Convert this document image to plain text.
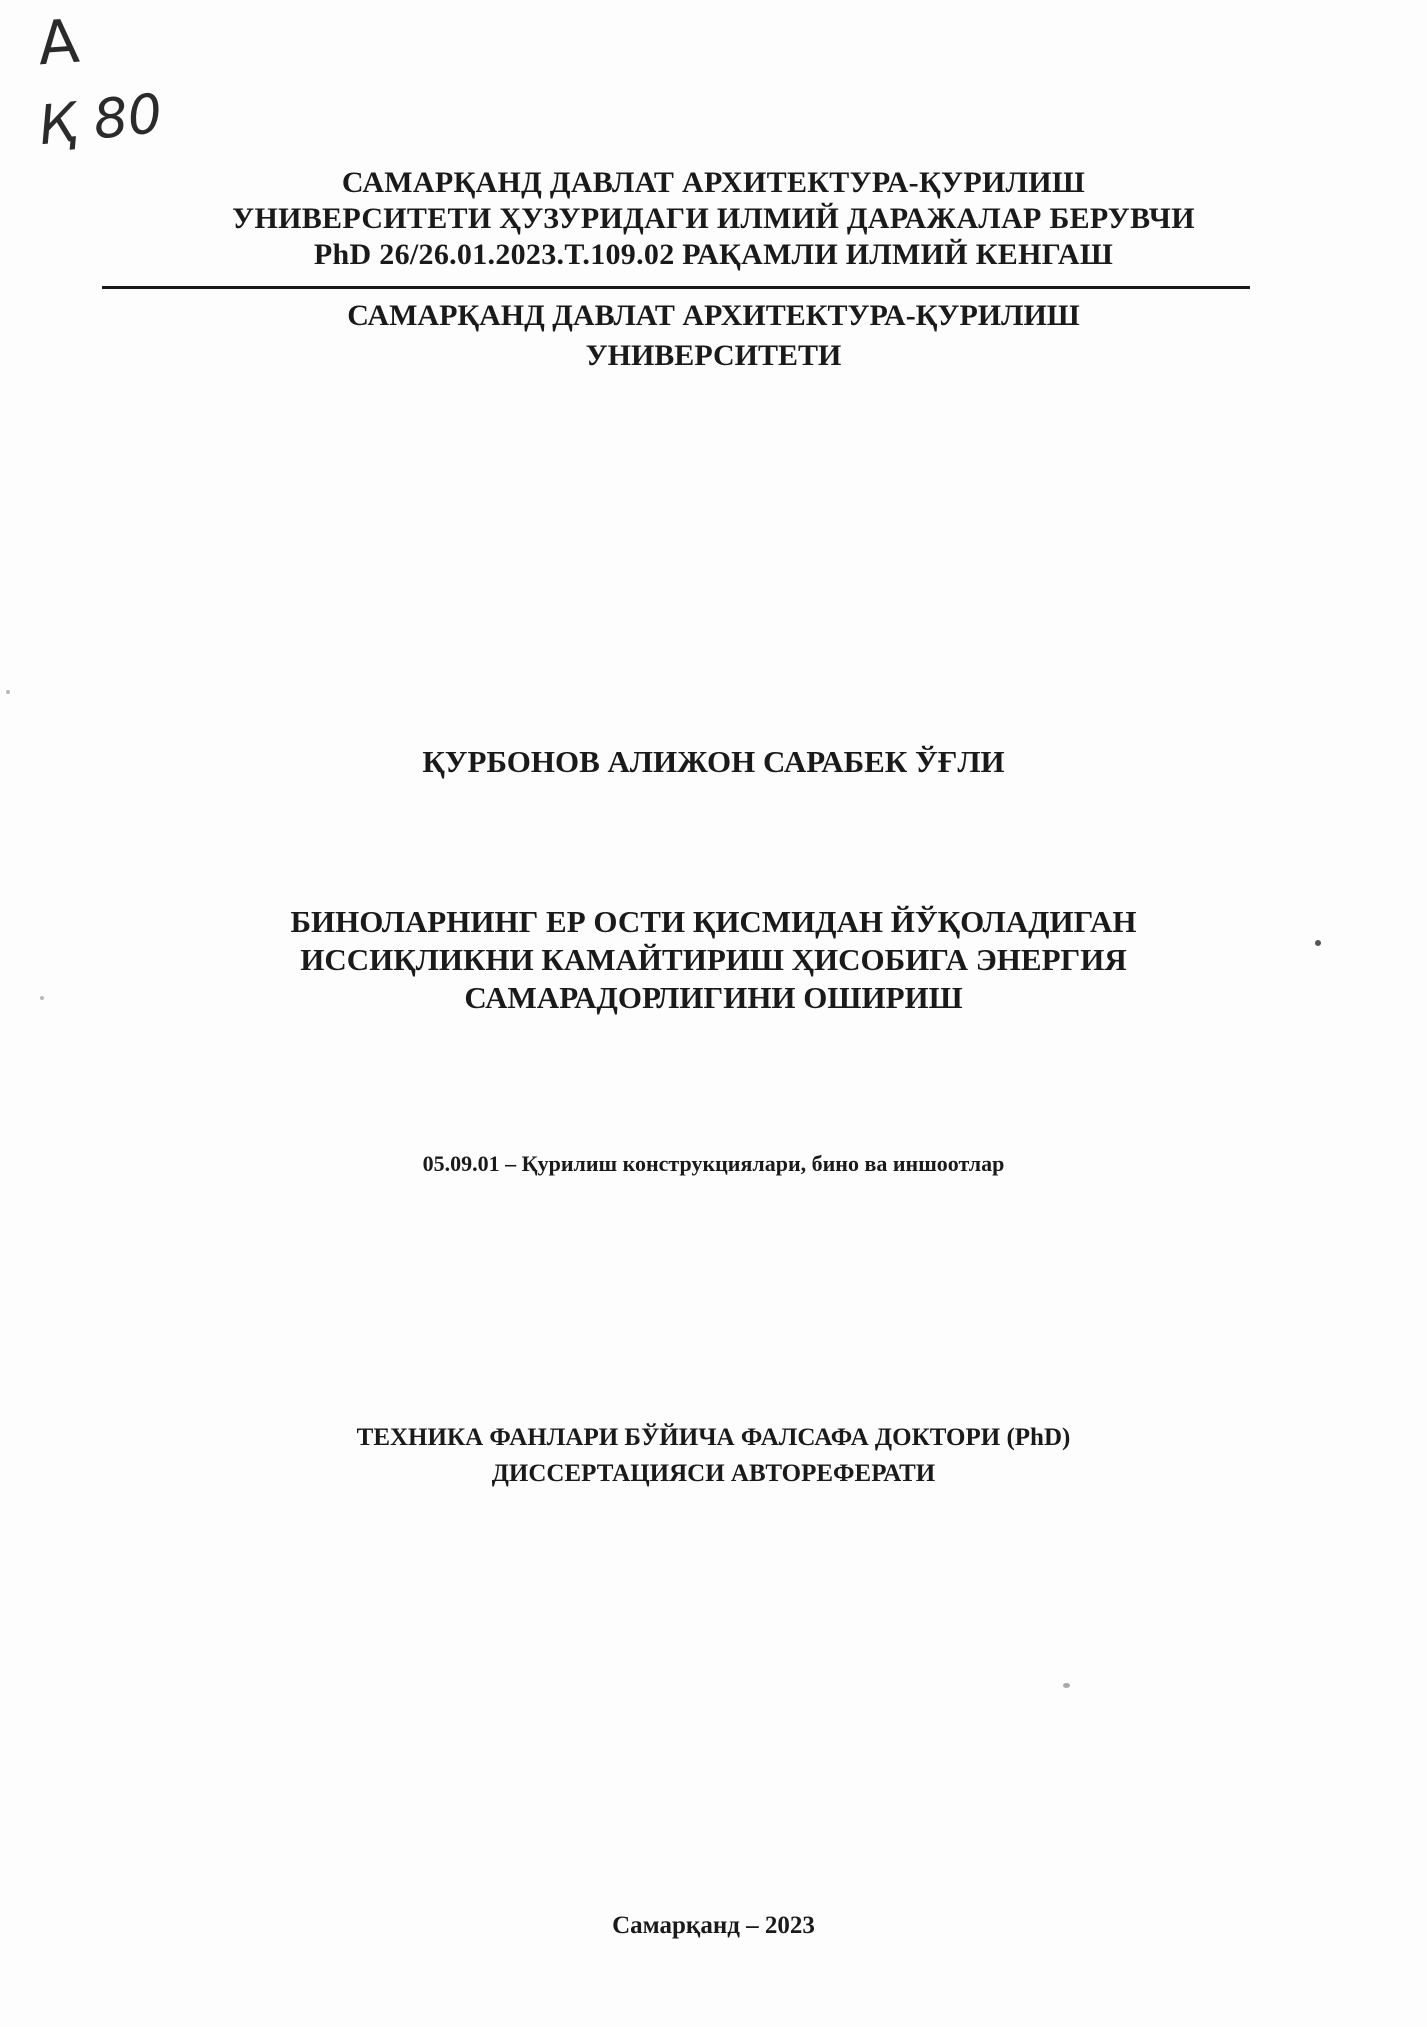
А
Қ 80
САМАРҚАНД ДАВЛАТ АРХИТЕКТУРА-ҚУРИЛИШ
УНИВЕРСИТЕТИ ҲУЗУРИДАГИ ИЛМИЙ ДАРАЖАЛАР БЕРУВЧИ
PhD 26/26.01.2023.T.109.02 РАҚАМЛИ ИЛМИЙ КЕНГАШ
САМАРҚАНД ДАВЛАТ АРХИТЕКТУРА-ҚУРИЛИШ
УНИВЕРСИТЕТИ
ҚУРБОНОВ АЛИЖОН САРАБЕК ЎҒЛИ
БИНОЛАРНИНГ ЕР ОСТИ ҚИСМИДАН ЙЎҚОЛАДИГАН
ИССИҚЛИКНИ КАМАЙТИРИШ ҲИСОБИГА ЭНЕРГИЯ
САМАРАДОРЛИГИНИ ОШИРИШ
05.09.01 – Қурилиш конструкциялари, бино ва иншоотлар
ТЕХНИКА ФАНЛАРИ БЎЙИЧА ФАЛСАФА ДОКТОРИ (PhD)
ДИССЕРТАЦИЯСИ АВТОРЕФЕРАТИ
Самарқанд – 2023
